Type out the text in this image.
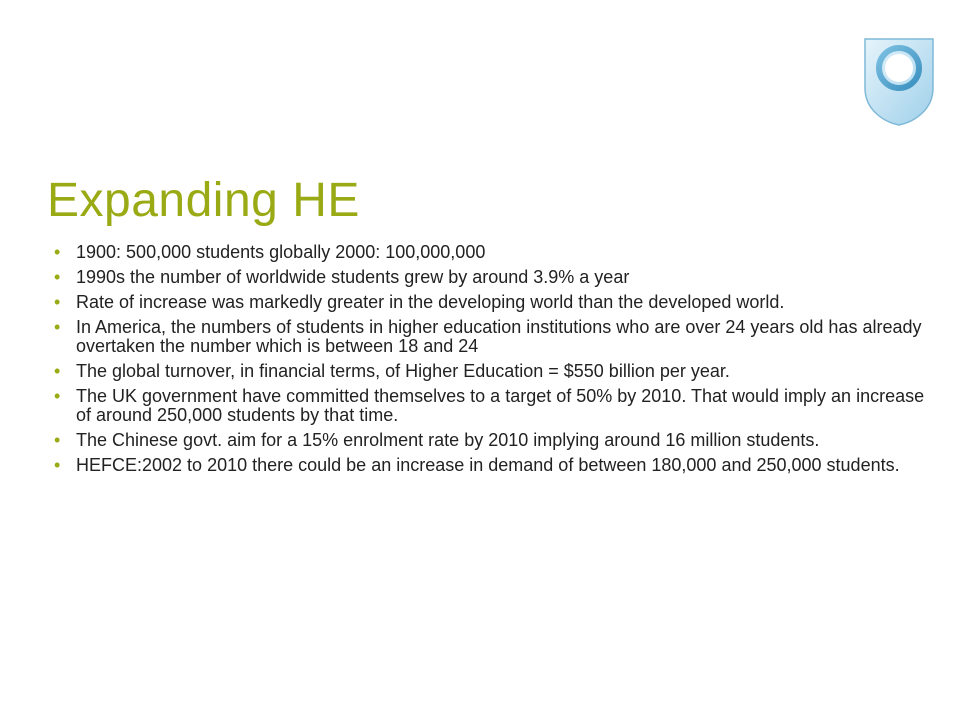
Expanding HE
• 1900: 500,000 students globally 2000: 100,000,000
• 1990s the number of worldwide students grew by around 3.9% a year
• Rate of increase was markedly greater in the developing world than the developed world.
• In America, the numbers of students in higher education institutions who are over 24 years old has already overtaken the number which is between 18 and 24
• The global turnover, in financial terms, of Higher Education = $550 billion per year.
• The UK government have committed themselves to a target of 50% by 2010. That would imply an increase of around 250,000 students by that time.
• The Chinese govt. aim for a 15% enrolment rate by 2010 implying around 16 million students.
• HEFCE:2002 to 2010 there could be an increase in demand of between 180,000 and 250,000 students.
